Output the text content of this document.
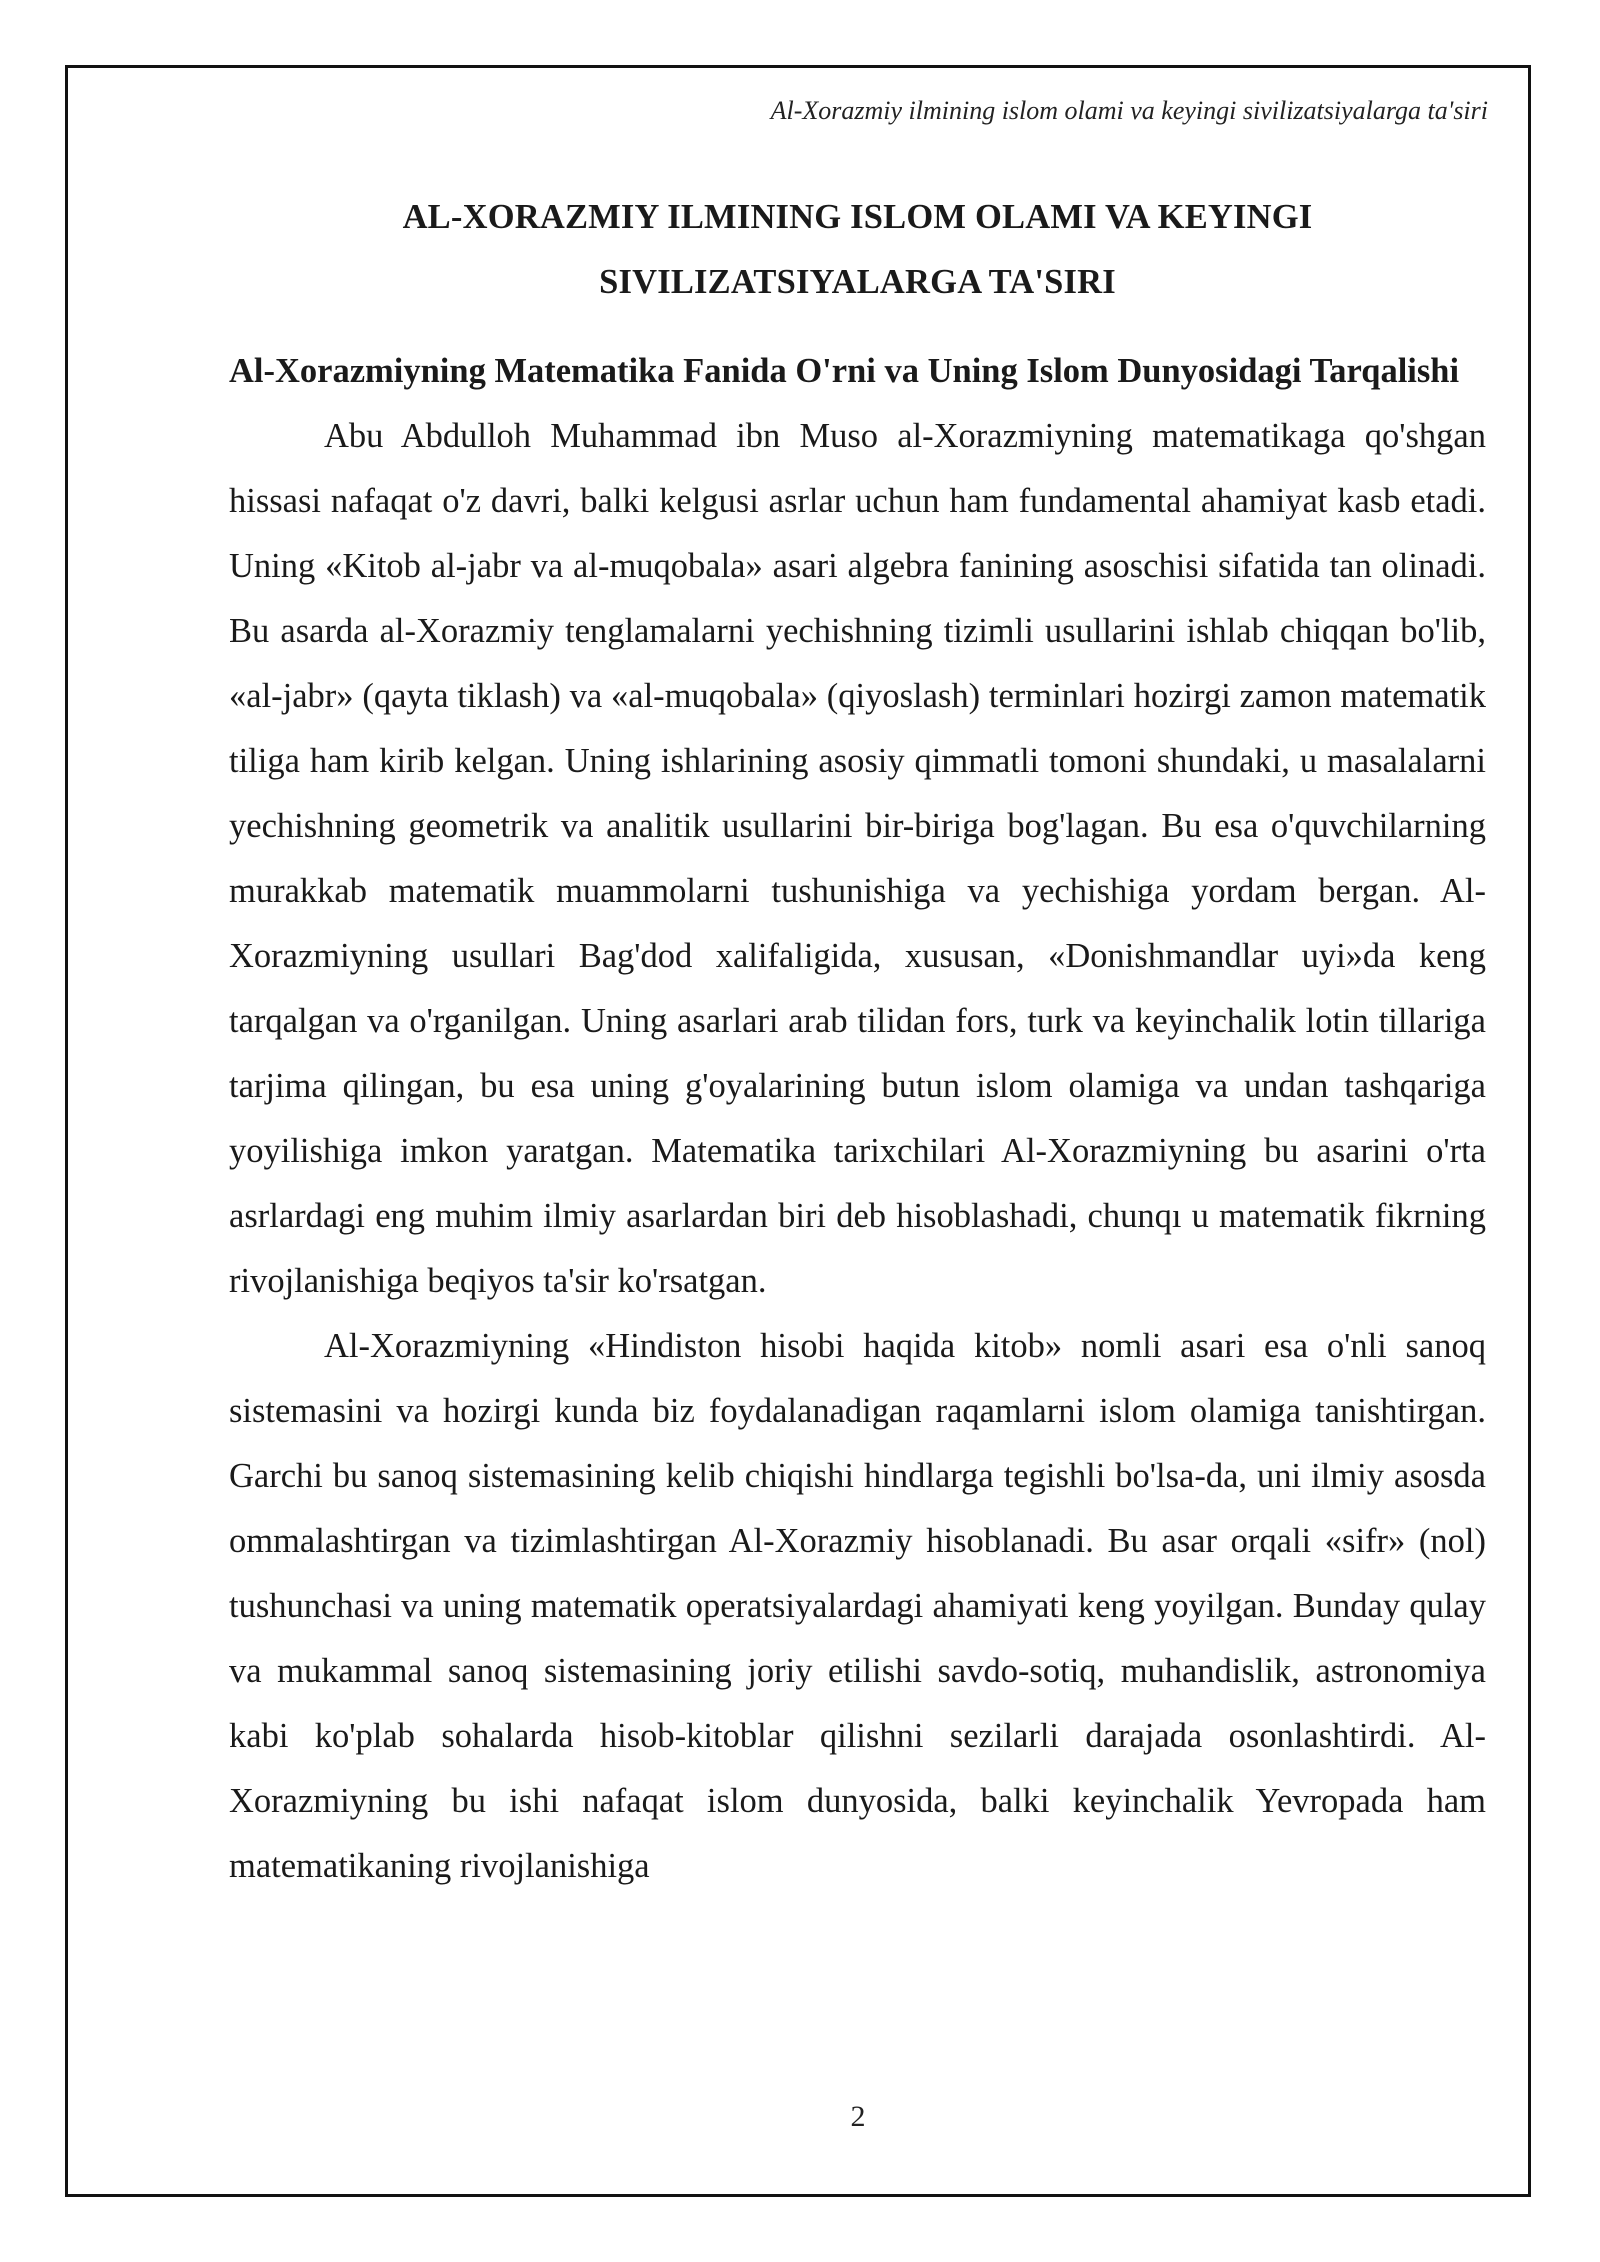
Al-Xorazmiy ilmining islom olami va keyingi sivilizatsiyalarga ta'siri
AL-XORAZMIY ILMINING ISLOM OLAMI VA KEYINGI SIVILIZATSIYALARGA TA'SIRI
Al-Xorazmiyning Matematika Fanida O'rni va Uning Islom Dunyosidagi Tarqalishi

Abu Abdulloh Muhammad ibn Muso al-Xorazmiyning matematikaga qo'shgan hissasi nafaqat o'z davri, balki kelgusi asrlar uchun ham fundamental ahamiyat kasb etadi. Uning «Kitob al-jabr va al-muqobala» asari algebra fanining asoschisi sifatida tan olinadi. Bu asarda al-Xorazmiy tenglamalarni yechishning tizimli usullarini ishlab chiqqan bo'lib, «al-jabr» (qayta tiklash) va «al-muqobala» (qiyoslash) terminlari hozirgi zamon matematik tiliga ham kirib kelgan. Uning ishlarining asosiy qimmatli tomoni shundaki, u masalalarni yechishning geometrik va analitik usullarini bir-biriga bog'lagan. Bu esa o'quvchilarning murakkab matematik muammolarni tushunishiga va yechishiga yordam bergan. Al-Xorazmiyning usullari Bag'dod xalifaligida, xususan, «Donishmandlar uyi»da keng tarqalgan va o'rganilgan. Uning asarlari arab tilidan fors, turk va keyinchalik lotin tillariga tarjima qilingan, bu esa uning g'oyalarining butun islom olamiga va undan tashqariga yoyilishiga imkon yaratgan. Matematika tarixchilari Al-Xorazmiyning bu asarini o'rta asrlardagi eng muhim ilmiy asarlardan biri deb hisoblashadi, chunqı u matematik fikrning rivojlanishiga beqiyos ta'sir ko'rsatgan.

Al-Xorazmiyning «Hindiston hisobi haqida kitob» nomli asari esa o'nli sanoq sistemasini va hozirgi kunda biz foydalanadigan raqamlarni islom olamiga tanishtirgan. Garchi bu sanoq sistemasining kelib chiqishi hindlarga tegishli bo'lsa-da, uni ilmiy asosda ommalashtirgan va tizimlashtirgan Al-Xorazmiy hisoblanadi. Bu asar orqali «sifr» (nol) tushunchasi va uning matematik operatsiyalardagi ahamiyati keng yoyilgan. Bunday qulay va mukammal sanoq sistemasining joriy etilishi savdo-sotiq, muhandislik, astronomiya kabi ko'plab sohalarda hisob-kitoblar qilishni sezilarli darajada osonlashtirdi. Al-Xorazmiyning bu ishi nafaqat islom dunyosida, balki keyinchalik Yevropada ham matematikaning rivojlanishiga

2
